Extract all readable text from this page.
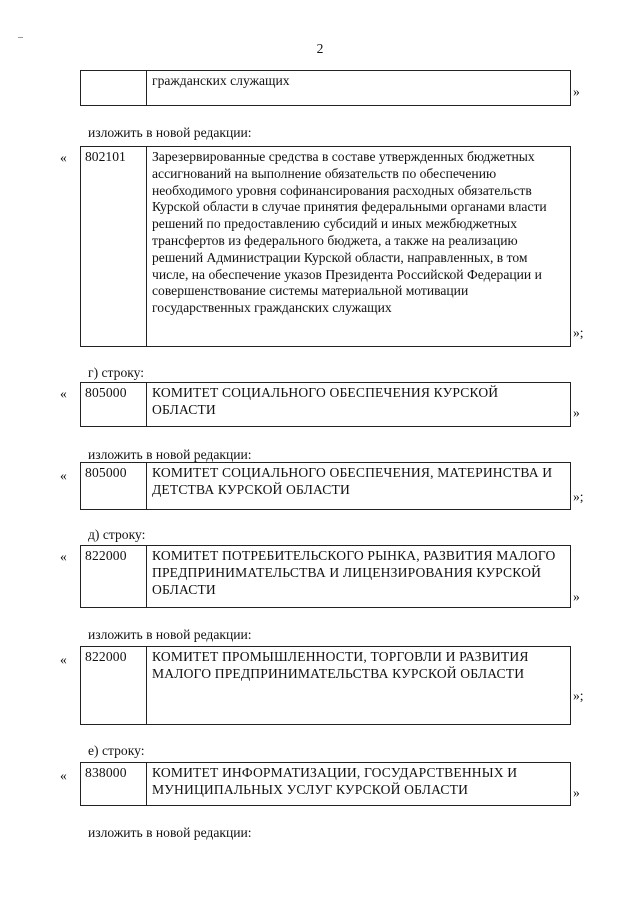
2
	гражданских служащих
»
изложить в новой редакции:
« 802101	Зарезервированные средства в составе утвержденных бюджетных ассигнований на выполнение обязательств по обеспечению необходимого уровня софинансирования расходных обязательств Курской области в случае принятия федеральными органами власти решений по предоставлению субсидий и иных межбюджетных трансфертов из федерального бюджета, а также на реализацию решений Администрации Курской области, направленных, в том числе, на обеспечение указов Президента Российской Федерации и совершенствование системы материальной мотивации государственных гражданских служащих
»;
г) строку:
« 805000	КОМИТЕТ СОЦИАЛЬНОГО ОБЕСПЕЧЕНИЯ КУРСКОЙ ОБЛАСТИ	»
изложить в новой редакции:
« 805000	КОМИТЕТ СОЦИАЛЬНОГО ОБЕСПЕЧЕНИЯ, МАТЕРИНСТВА И ДЕТСТВА КУРСКОЙ ОБЛАСТИ	»;
д) строку:
« 822000	КОМИТЕТ ПОТРЕБИТЕЛЬСКОГО РЫНКА, РАЗВИТИЯ МАЛОГО ПРЕДПРИНИМАТЕЛЬСТВА И ЛИЦЕНЗИРОВАНИЯ КУРСКОЙ ОБЛАСТИ	»
изложить в новой редакции:
« 822000	КОМИТЕТ ПРОМЫШЛЕННОСТИ, ТОРГОВЛИ И РАЗВИТИЯ МАЛОГО ПРЕДПРИНИМАТЕЛЬСТВА КУРСКОЙ ОБЛАСТИ
»;
е) строку:
« 838000	КОМИТЕТ ИНФОРМАТИЗАЦИИ, ГОСУДАРСТВЕННЫХ И МУНИЦИПАЛЬНЫХ УСЛУГ КУРСКОЙ ОБЛАСТИ	»
изложить в новой редакции:
